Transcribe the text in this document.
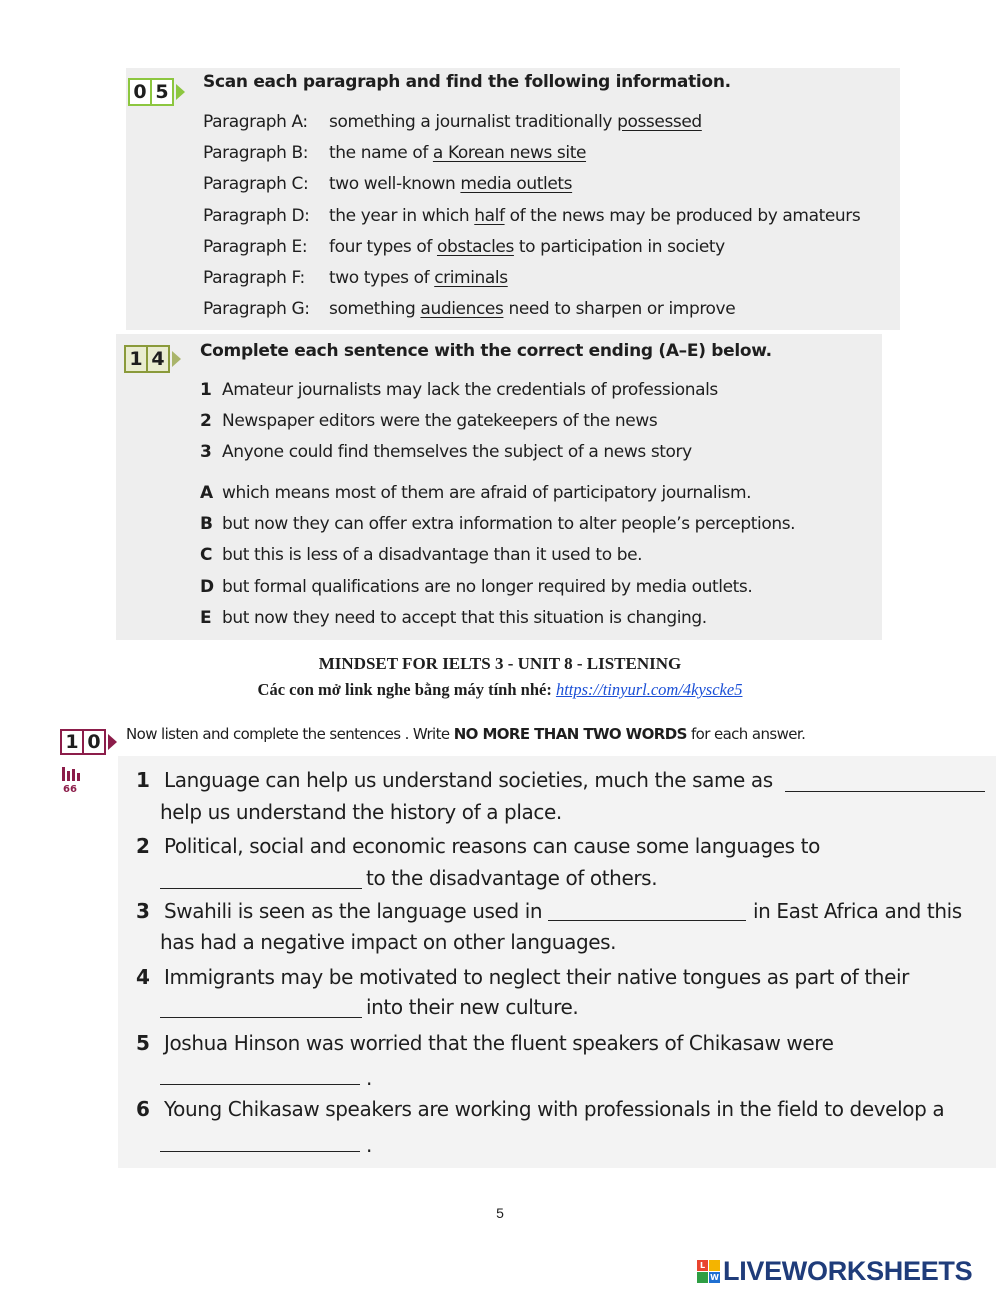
0 5	Scan each paragraph and find the following information.
Paragraph A: something a journalist traditionally possessed
Paragraph B: the name of a Korean news site
Paragraph C: two well-known media outlets
Paragraph D: the year in which half of the news may be produced by amateurs
Paragraph E: four types of obstacles to participation in society
Paragraph F: two types of criminals
Paragraph G: something audiences need to sharpen or improve
1 4	Complete each sentence with the correct ending (A–E) below.
1 Amateur journalists may lack the credentials of professionals
2 Newspaper editors were the gatekeepers of the news
3 Anyone could find themselves the subject of a news story
A which means most of them are afraid of participatory journalism.
B but now they can offer extra information to alter people’s perceptions.
C but this is less of a disadvantage than it used to be.
D but formal qualifications are no longer required by media outlets.
E but now they need to accept that this situation is changing.
MINDSET FOR IELTS 3 - UNIT 8 - LISTENING
Các con mở link nghe bằng máy tính nhé: https://tinyurl.com/4kyscke5
1 0	Now listen and complete the sentences . Write NO MORE THAN TWO WORDS for each answer.
66	1 Language can help us understand societies, much the same as
help us understand the history of a place.
2 Political, social and economic reasons can cause some languages to
to the disadvantage of others.
3 Swahili is seen as the language used in	in East Africa and this
has had a negative impact on other languages.
4 Immigrants may be motivated to neglect their native tongues as part of their
into their new culture.
5 Joshua Hinson was worried that the fluent speakers of Chikasaw were
.
6 Young Chikasaw speakers are working with professionals in the field to develop a
.
5
L
W LIVEWORKSHEETS
